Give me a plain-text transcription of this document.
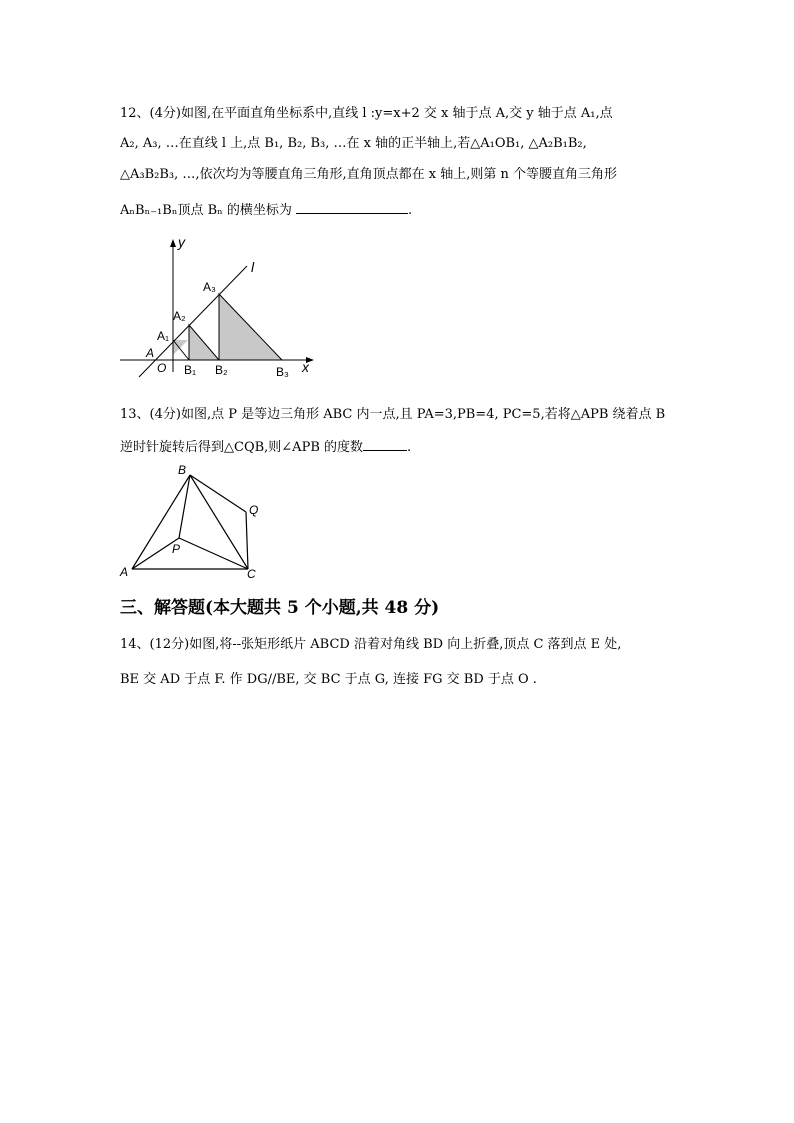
12、(4分)如图,在平面直角坐标系中,直线 l :y=x+2 交 x 轴于点 A,交 y 轴于点 A₁,点
A₂, A₃, …在直线 l 上,点 B₁, B₂, B₃, …在 x 轴的正半轴上,若△A₁OB₁, △A₂B₁B₂,
△A₃B₂B₃, …,依次均为等腰直角三角形,直角顶点都在 x 轴上,则第 n 个等腰直角三角形
AₙBₙ₋₁Bₙ顶点 Bₙ 的横坐标为	.
y
x
l
A
O
A₁
A₂
A₃
B₁ B₂	B₃
13、(4分)如图,点 P 是等边三角形 ABC 内一点,且 PA=3,PB=4, PC=5,若将△APB 绕着点 B
逆时针旋转后得到△CQB,则∠APB 的度数	.
B
Q
P
A	C
三、解答题(本大题共 5 个小题,共 48 分)
14、(12分)如图,将--张矩形纸片 ABCD 沿着对角线 BD 向上折叠,顶点 C 落到点 E 处,
BE 交 AD 于点 F. 作 DG//BE, 交 BC 于点 G, 连接 FG 交 BD 于点 O .
